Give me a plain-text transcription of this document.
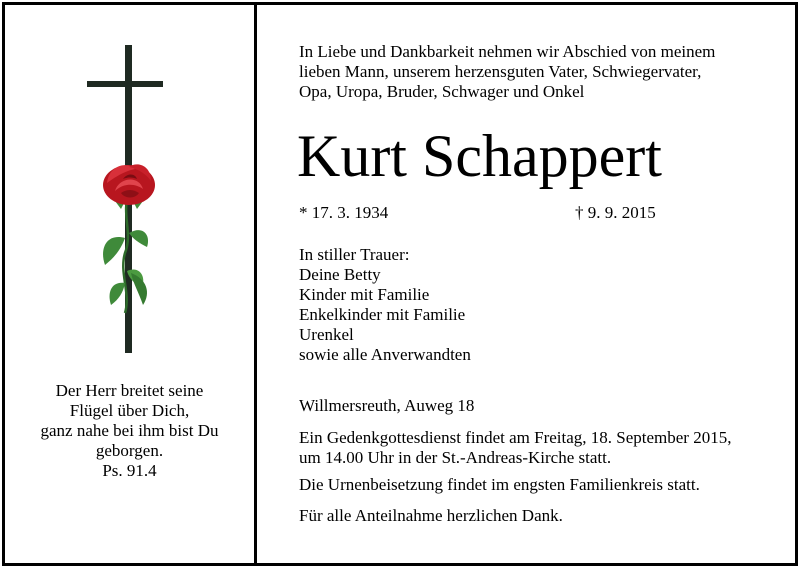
Der Herr breitet seine
Flügel über Dich,
ganz nahe bei ihm bist Du
geborgen.
Ps. 91.4
In Liebe und Dankbarkeit nehmen wir Abschied von meinem
lieben Mann, unserem herzensguten Vater, Schwiegervater,
Opa, Uropa, Bruder, Schwager und Onkel
Kurt Schappert
* 17. 3. 1934	† 9. 9. 2015
In stiller Trauer:
Deine Betty
Kinder mit Familie
Enkelkinder mit Familie
Urenkel
sowie alle Anverwandten
Willmersreuth, Auweg 18
Ein Gedenkgottesdienst findet am Freitag, 18. September 2015,
um 14.00 Uhr in der St.-Andreas-Kirche statt.
Die Urnenbeisetzung findet im engsten Familienkreis statt.
Für alle Anteilnahme herzlichen Dank.
